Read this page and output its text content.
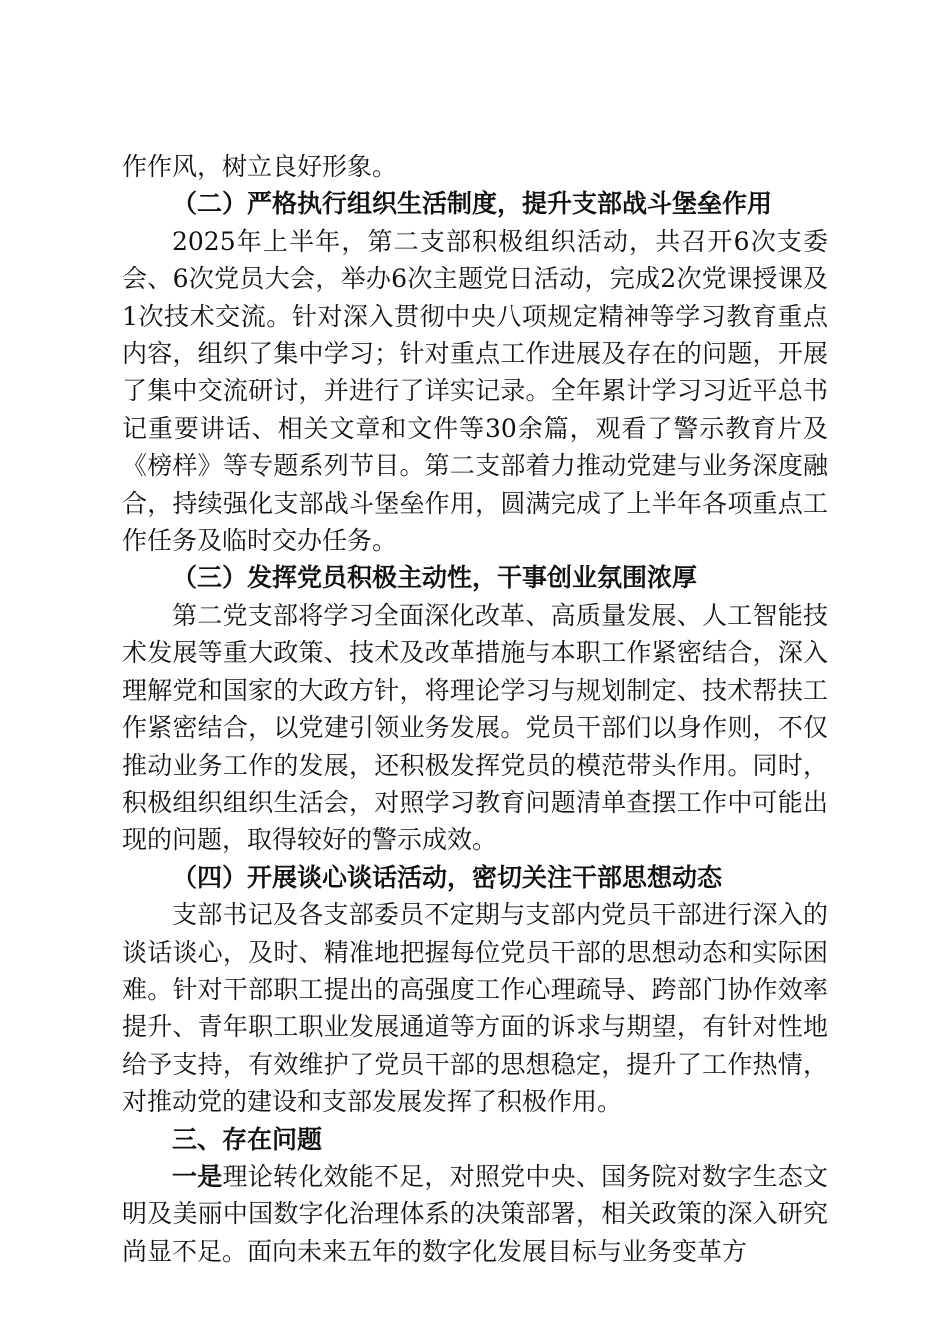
作作风，树立良好形象。

（二）严格执行组织生活制度，提升支部战斗堡垒作用

2025年上半年，第二支部积极组织活动，共召开6次支委会、6次党员大会，举办6次主题党日活动，完成2次党课授课及1次技术交流。针对深入贯彻中央八项规定精神等学习教育重点内容，组织了集中学习；针对重点工作进展及存在的问题，开展了集中交流研讨，并进行了详实记录。全年累计学习习近平总书记重要讲话、相关文章和文件等30余篇，观看了警示教育片及《榜样》等专题系列节目。第二支部着力推动党建与业务深度融合，持续强化支部战斗堡垒作用，圆满完成了上半年各项重点工作任务及临时交办任务。

（三）发挥党员积极主动性，干事创业氛围浓厚

第二党支部将学习全面深化改革、高质量发展、人工智能技术发展等重大政策、技术及改革措施与本职工作紧密结合，深入理解党和国家的大政方针，将理论学习与规划制定、技术帮扶工作紧密结合，以党建引领业务发展。党员干部们以身作则，不仅推动业务工作的发展，还积极发挥党员的模范带头作用。同时，积极组织组织生活会，对照学习教育问题清单查摆工作中可能出现的问题，取得较好的警示成效。

（四）开展谈心谈话活动，密切关注干部思想动态

支部书记及各支部委员不定期与支部内党员干部进行深入的谈话谈心，及时、精准地把握每位党员干部的思想动态和实际困难。针对干部职工提出的高强度工作心理疏导、跨部门协作效率提升、青年职工职业发展通道等方面的诉求与期望，有针对性地给予支持，有效维护了党员干部的思想稳定，提升了工作热情，对推动党的建设和支部发展发挥了积极作用。

三、存在问题

一是理论转化效能不足，对照党中央、国务院对数字生态文明及美丽中国数字化治理体系的决策部署，相关政策的深入研究尚显不足。面向未来五年的数字化发展目标与业务变革方
